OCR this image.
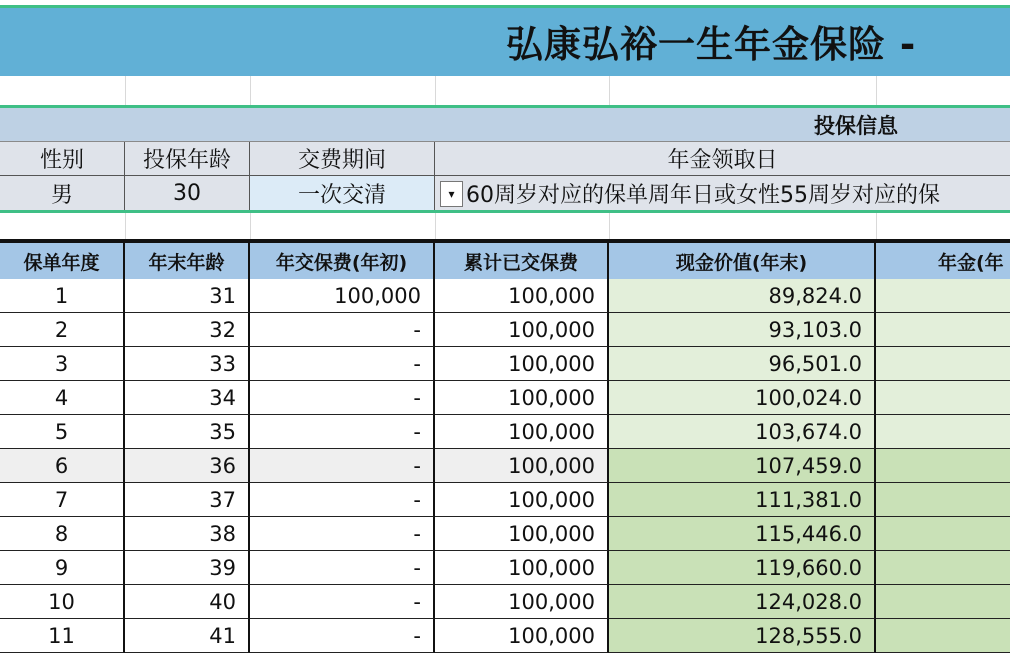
弘康弘裕一生年金保险 -
投保信息
性别	投保年龄	交费期间	年金领取日
男	30	一次交清	60周岁对应的保单周年日或女性55周岁对应的保
▾
保单年度	年末年龄	年交保费(年初)	累计已交保费	现金价值(年末)	年金(年
1	31	100,000	100,000	89,824.0
2	32	-	100,000	93,103.0
3	33	-	100,000	96,501.0
4	34	-	100,000	100,024.0
5	35	-	100,000	103,674.0
6	36	-	100,000	107,459.0
7	37	-	100,000	111,381.0
8	38	-	100,000	115,446.0
9	39	-	100,000	119,660.0
10	40	-	100,000	124,028.0
11	41	-	100,000	128,555.0
